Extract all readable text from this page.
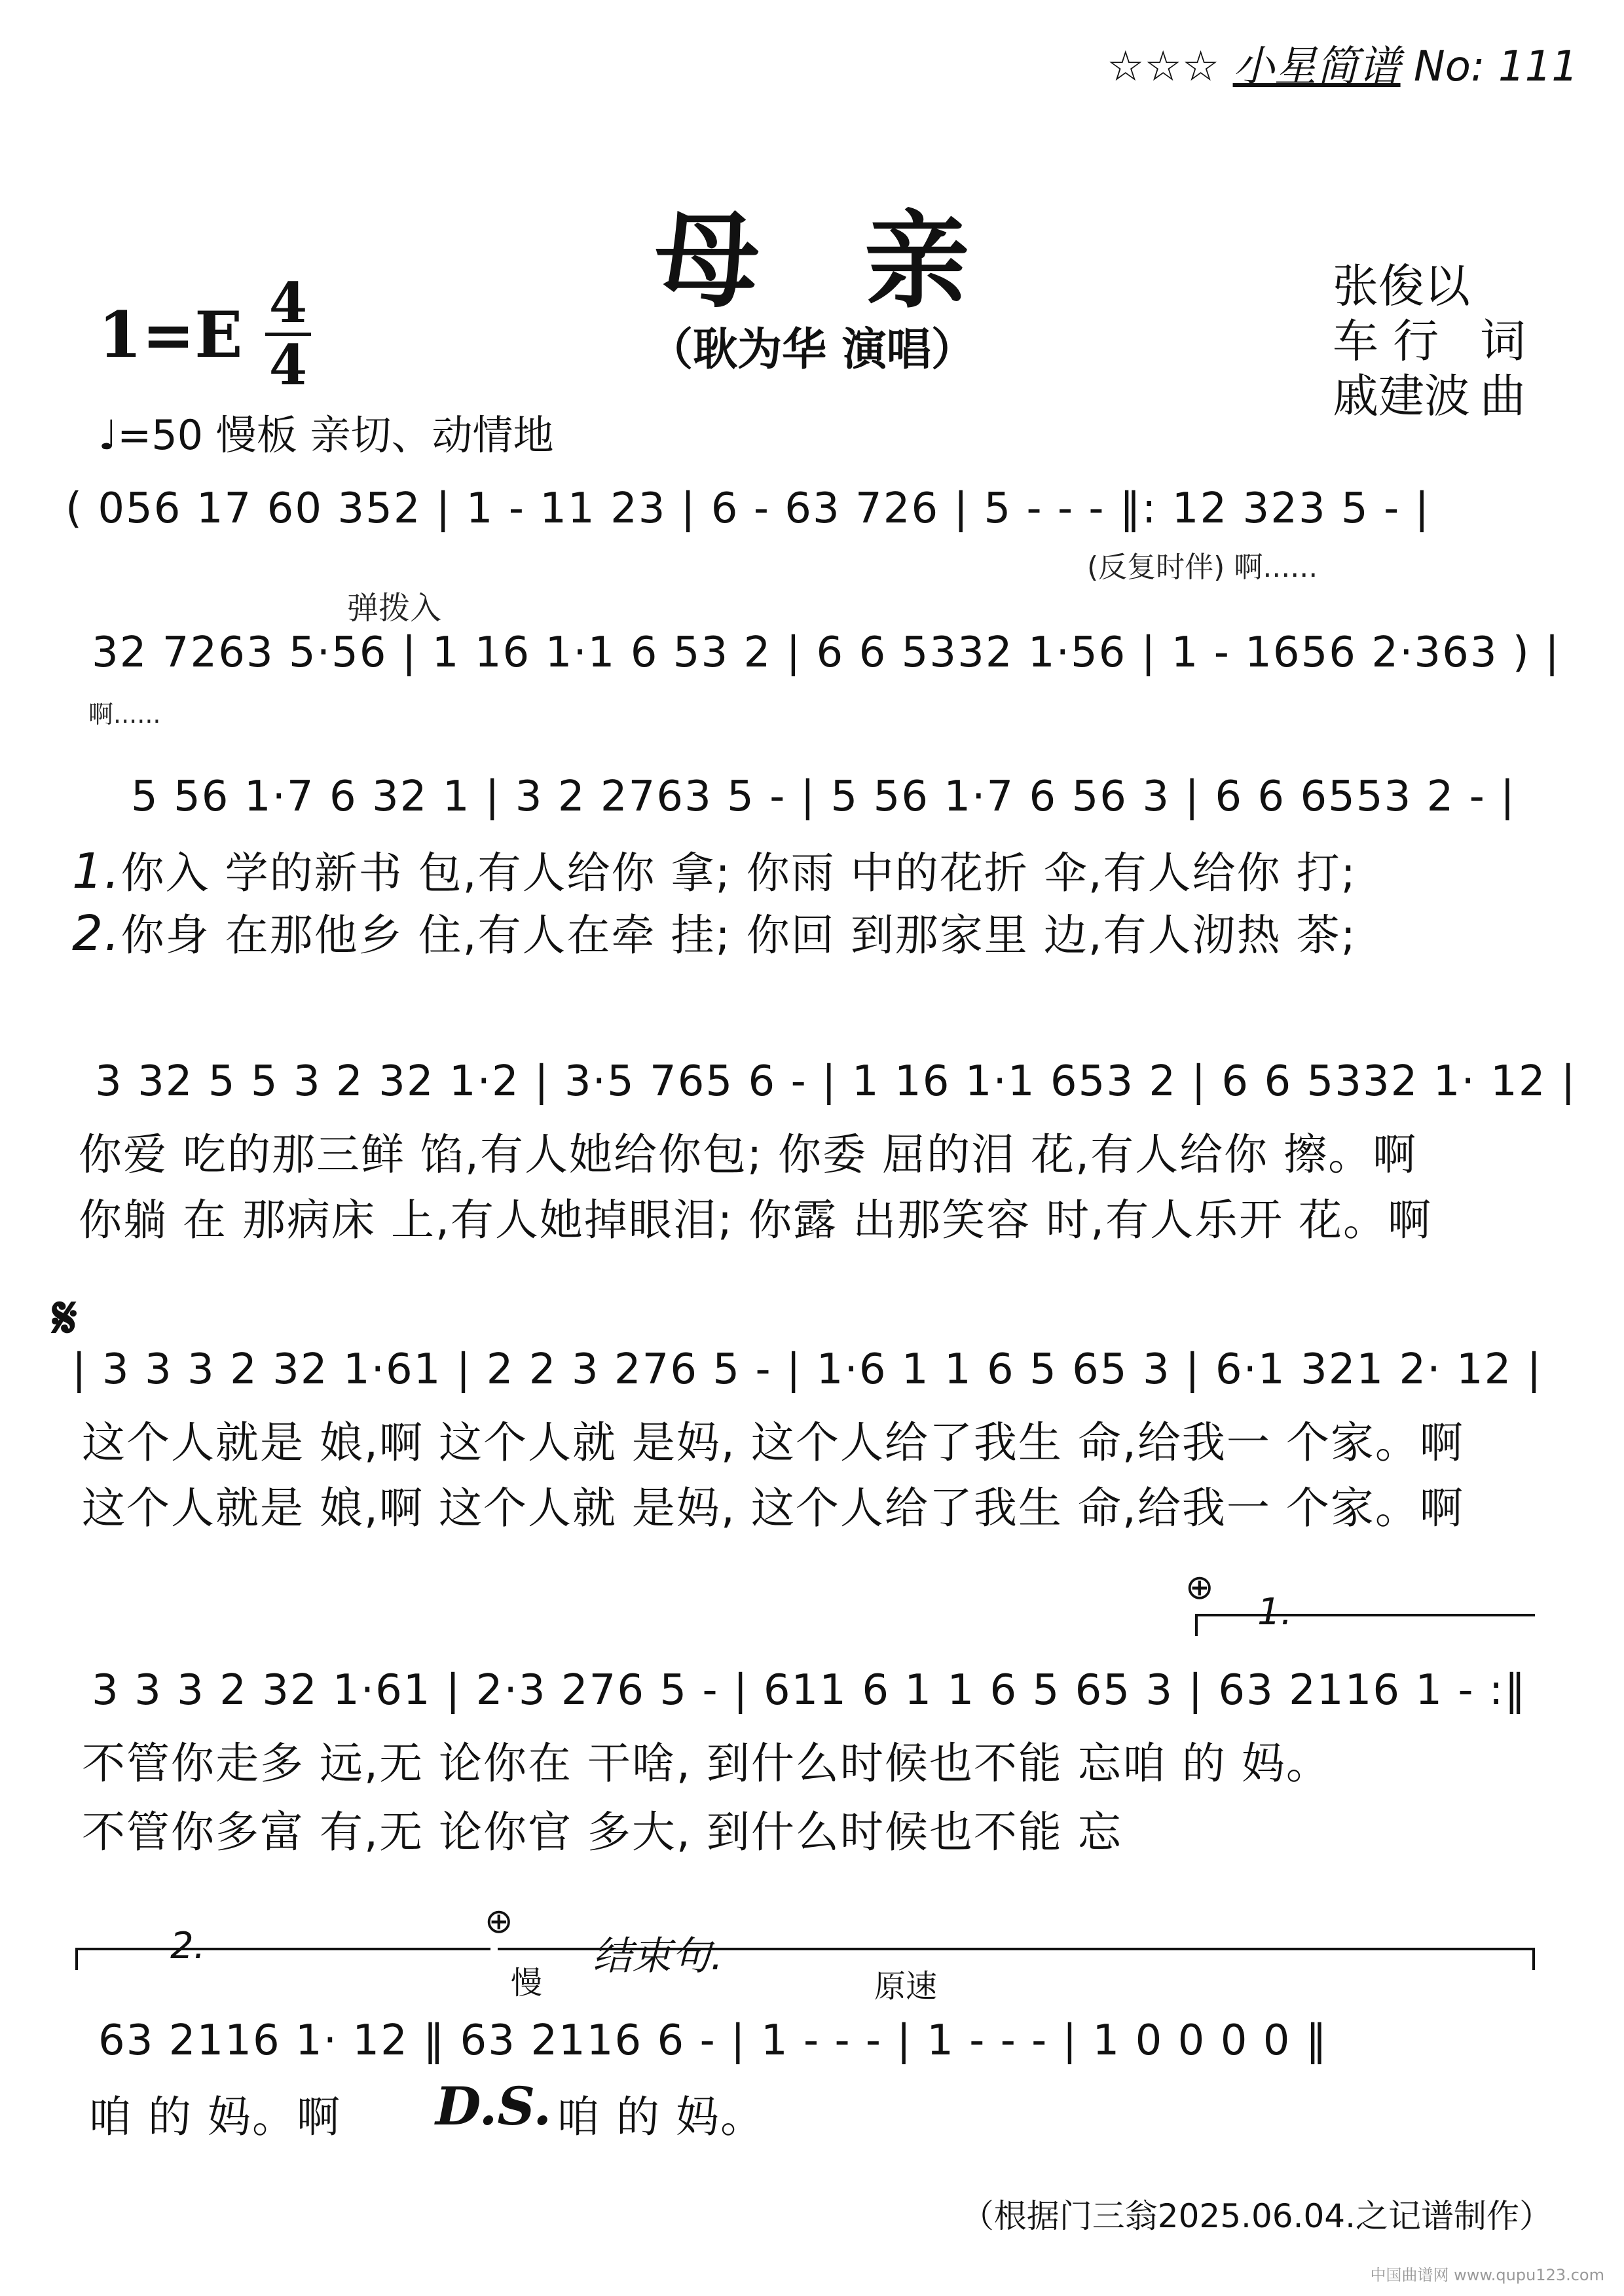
☆☆☆ 小星简谱 No: 111
母亲
（耿为华 演唱）
张俊以
车 行 词
戚建波 曲
1=E 4
4
♩=50 慢板 亲切、动情地
( 056 17 60 352 | 1 - 11 23 | 6 - 63 726 | 5 - - - ‖: 12 323 5 - |
(反复时伴) 啊......
弹拨入
32 7263 5·56 | 1 16 1·1 6 53 2 | 6 6 5332 1·56 | 1 - 1656 2·363 ) |
啊......
5 56 1·7 6 32 1 | 3 2 2763 5 - | 5 56 1·7 6 56 3 | 6 6 6553 2 - |
1.你入 学的新书 包,有人给你 拿; 你雨 中的花折 伞,有人给你 打;
2.你身 在那他乡 住,有人在牵 挂; 你回 到那家里 边,有人沏热 茶;
3 32 5 5 3 2 32 1·2 | 3·5 765 6 - | 1 16 1·1 653 2 | 6 6 5332 1· 12 |
你爱 吃的那三鲜 馅,有人她给你包; 你委 屈的泪 花,有人给你 擦。啊
你躺 在 那病床 上,有人她掉眼泪; 你露 出那笑容 时,有人乐开 花。啊
𝄋
| 3 3 3 2 32 1·61 | 2 2 3 276 5 - | 1·6 1 1 6 5 65 3 | 6·1 321 2· 12 |
这个人就是 娘,啊 这个人就 是妈, 这个人给了我生 命,给我一 个家。啊
这个人就是 娘,啊 这个人就 是妈, 这个人给了我生 命,给我一 个家。啊
⊕
1.
3 3 3 2 32 1·61 | 2·3 276 5 - | 611 6 1 1 6 5 65 3 | 63 2116 1 - :‖
不管你走多 远,无 论你在 干啥, 到什么时候也不能 忘咱 的 妈。
不管你多富 有,无 论你官 多大, 到什么时候也不能 忘
2.
⊕
慢
结束句.
原速
63 2116 1· 12 ‖ 63 2116 6 - | 1 - - - | 1 - - - | 1 0 0 0 0 ‖
咱 的 妈。啊 D.S. 咱 的 妈。
（根据门三翁2025.06.04.之记谱制作）
中国曲谱网 www.qupu123.com
